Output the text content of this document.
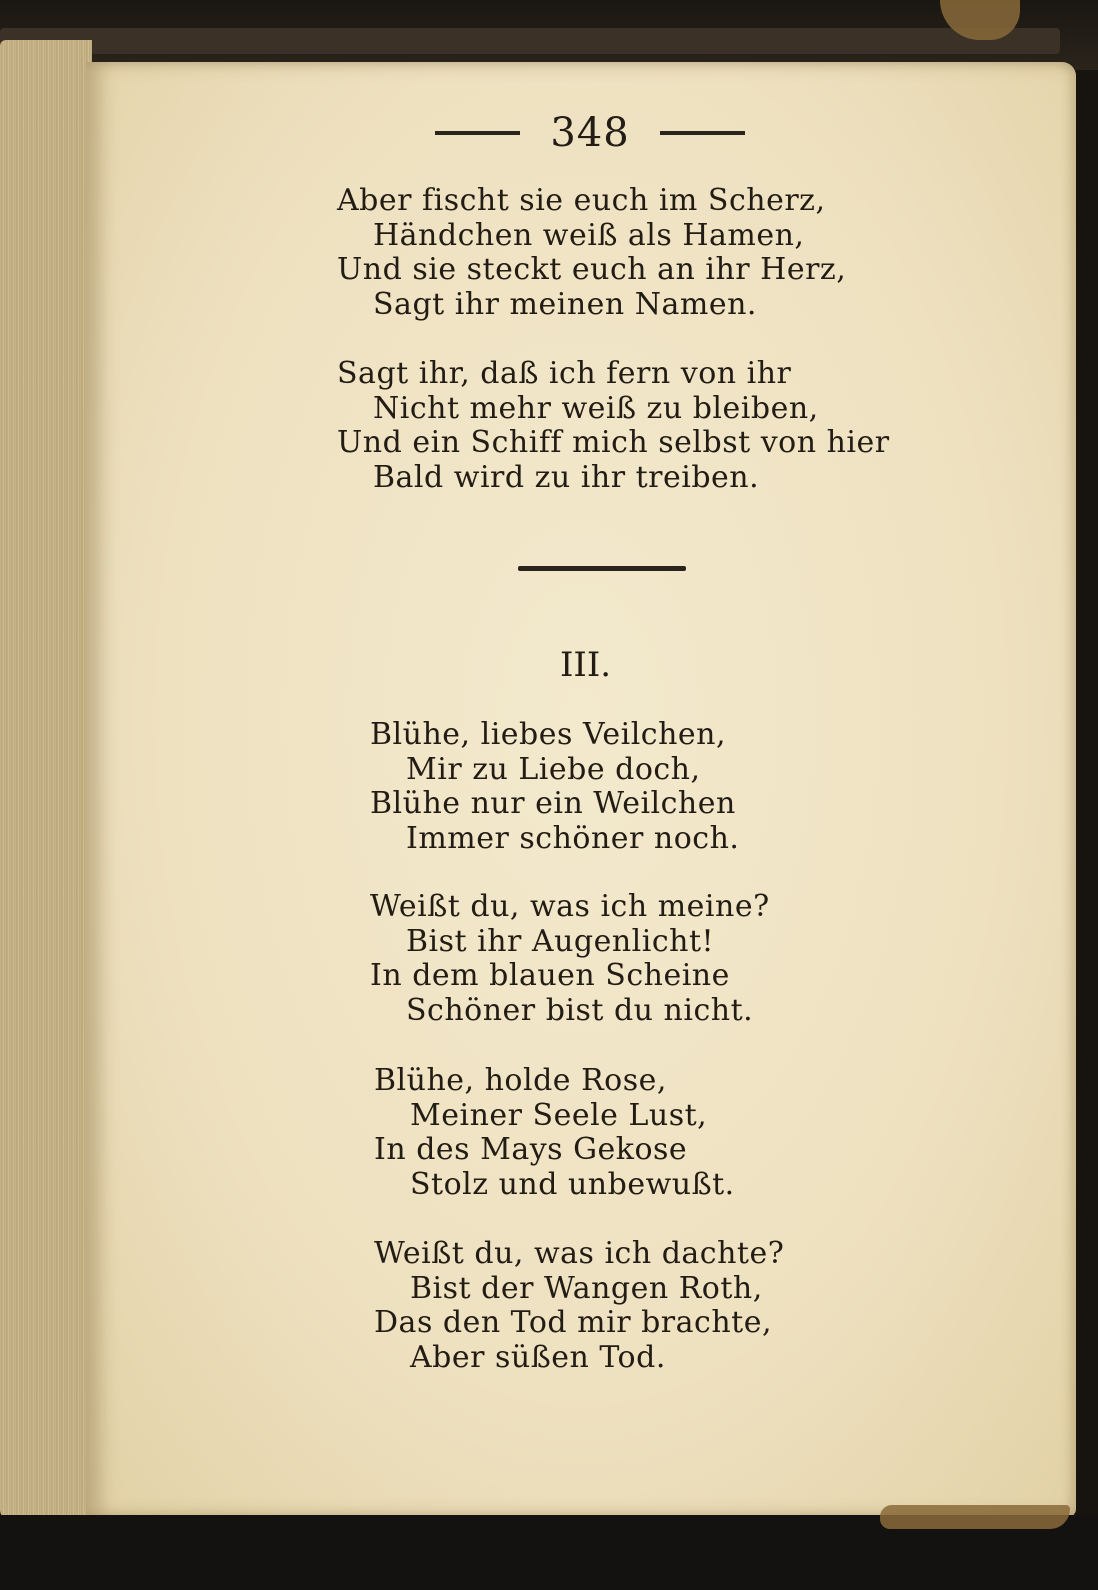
348
Aber fischt sie euch im Scherz,
Händchen weiß als Hamen,
Und sie steckt euch an ihr Herz,
Sagt ihr meinen Namen.
Sagt ihr, daß ich fern von ihr
Nicht mehr weiß zu bleiben,
Und ein Schiff mich selbst von hier
Bald wird zu ihr treiben.
III.
Blühe, liebes Veilchen,
Mir zu Liebe doch,
Blühe nur ein Weilchen
Immer schöner noch.
Weißt du, was ich meine?
Bist ihr Augenlicht!
In dem blauen Scheine
Schöner bist du nicht.
Blühe, holde Rose,
Meiner Seele Lust,
In des Mays Gekose
Stolz und unbewußt.
Weißt du, was ich dachte?
Bist der Wangen Roth,
Das den Tod mir brachte,
Aber süßen Tod.
